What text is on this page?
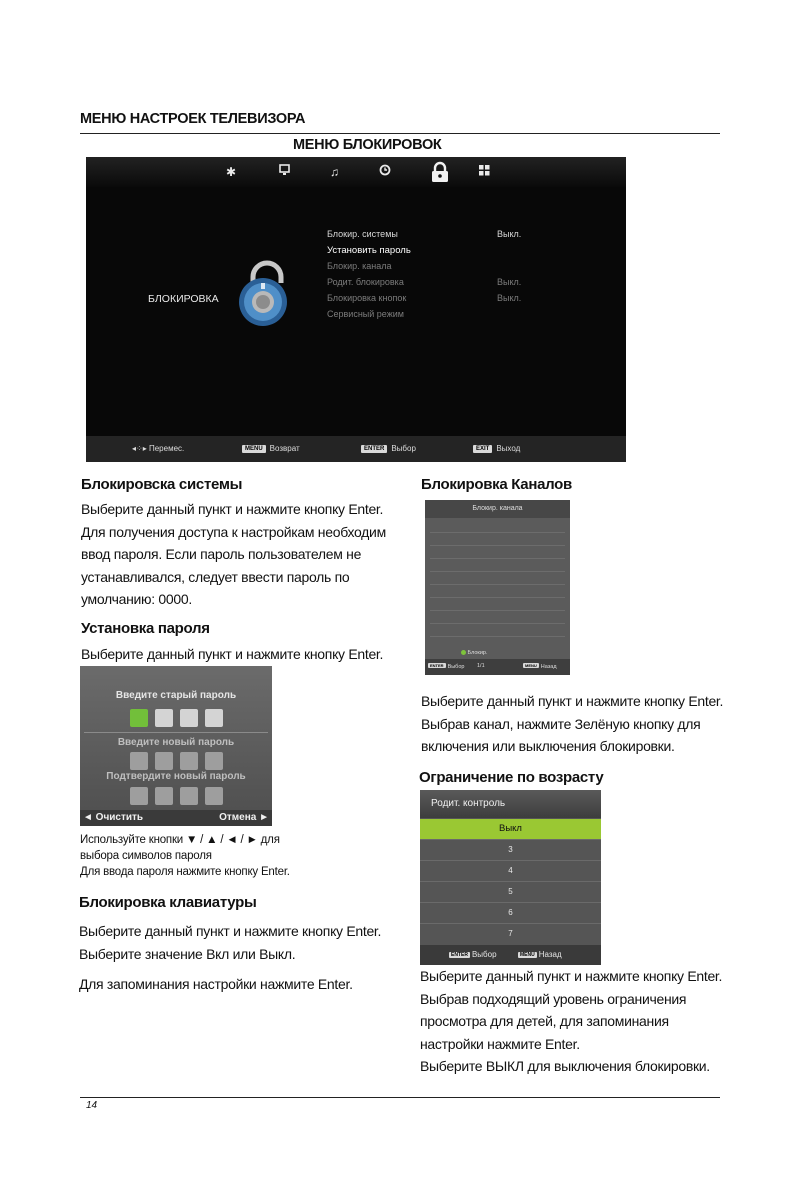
МЕНЮ НАСТРОЕК ТЕЛЕВИЗОРА
МЕНЮ БЛОКИРОВОК
✱	♫
БЛОКИРОВКА
Блокир. системы	Выкл.
Установить пароль
Блокир. канала
Родит. блокировка	Выкл.
Блокировка кнопок	Выкл.
Сервисный режим
◂⁘▸ Перемес.	MENU Возврат	ENTER Выбор	EXIT Выход
Блокировска системы
Выберите данный пункт и нажмите кнопку Enter.
Для получения доступа к настройкам необходим
ввод пароля. Если пароль пользователем не
устанавливался, следует ввести пароль по
умолчанию: 0000.
Установка пароля
Выберите данный пункт и нажмите кнопку Enter.
Введите старый пароль
Введите новый пароль
Подтвердите новый пароль
◄ Очистить	Отмена ►
Используйте кнопки ▼ / ▲ / ◄ / ► для
выбора символов пароля
Для ввода пароля нажмите кнопку Enter.
Блокировка клавиатуры
Выберите данный пункт и нажмите кнопку Enter.
Выберите значение Вкл или Выкл.
Для запоминания настройки нажмите Enter.
Блокировка Каналов
Блокир. канала
Блокир.
ENTER Выбор 1/1	MENU Назад
Выберите данный пункт и нажмите кнопку Enter.
Выбрав канал, нажмите Зелёную кнопку для
включения или выключения блокировки.
Ограничение по возрасту
Родит. контроль
Выкл
3
4
5
6
7
ENTER Выбор	MENU Назад
Выберите данный пункт и нажмите кнопку Enter.
Выбрав подходящий уровень ограничения
просмотра для детей, для запоминания
настройки нажмите Enter.
Выберите ВЫКЛ для выключения блокировки.
14
